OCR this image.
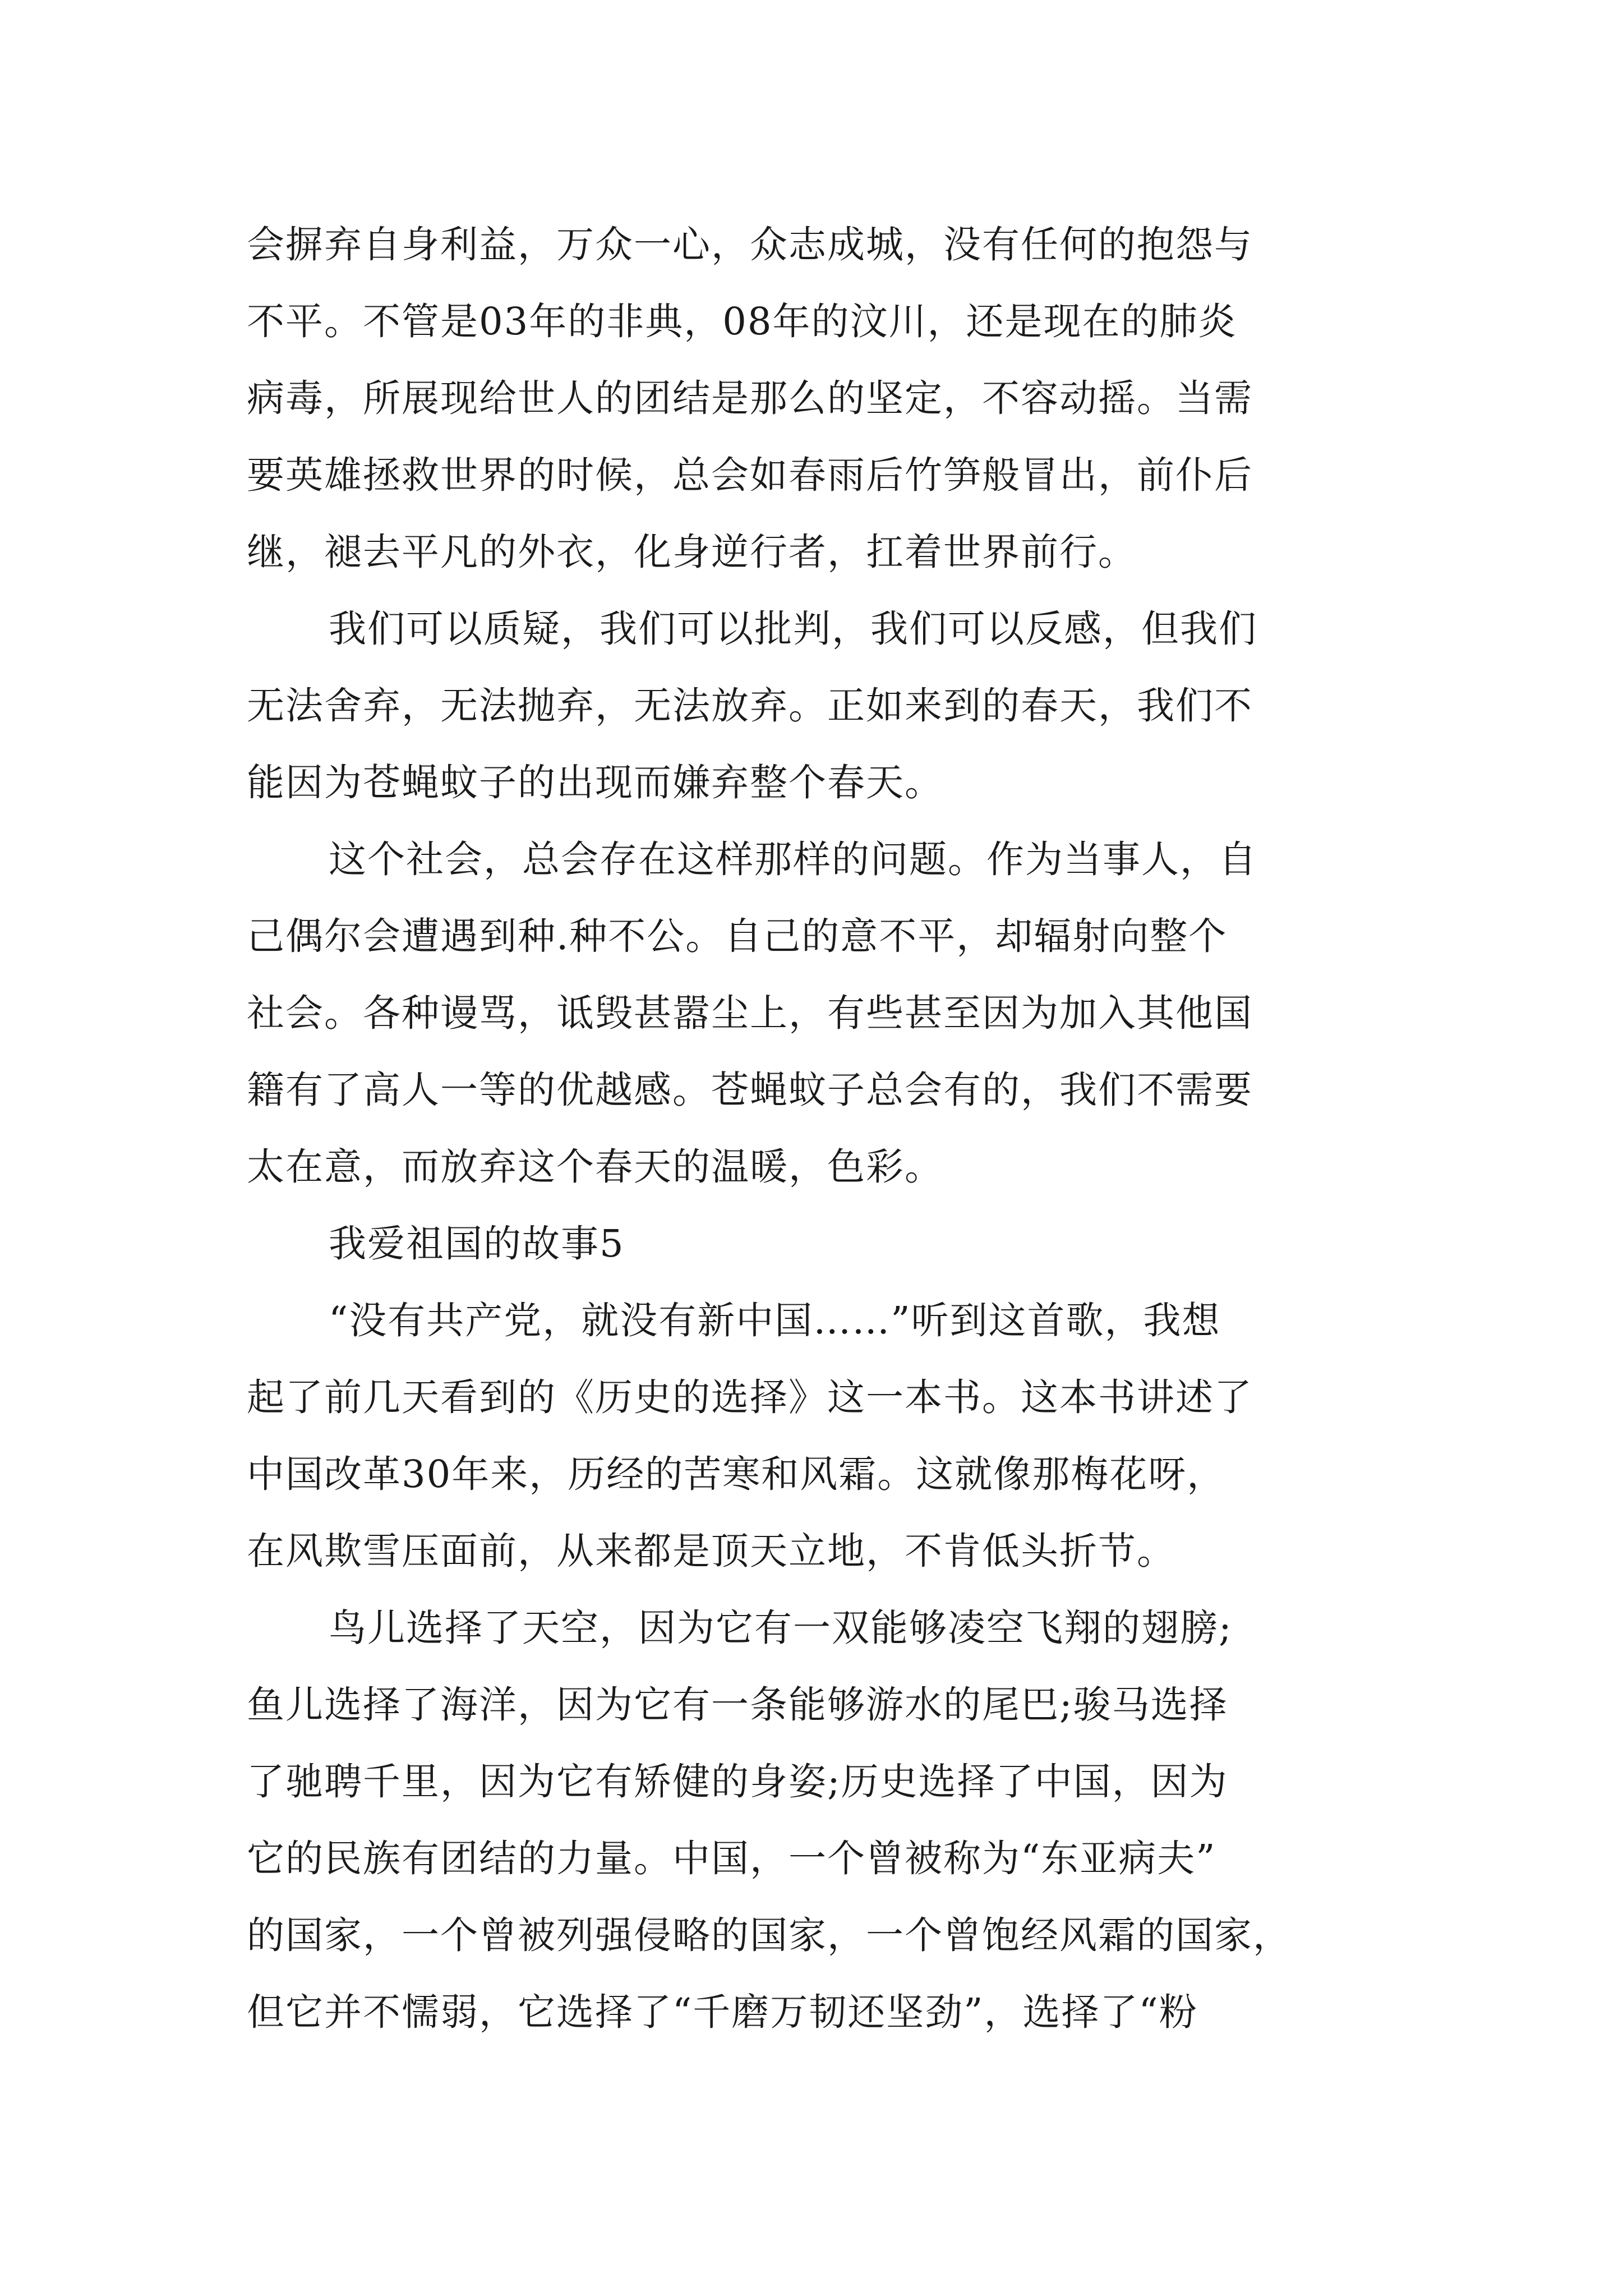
会摒弃自身利益，万众一心，众志成城，没有任何的抱怨与
不平。不管是03年的非典，08年的汶川，还是现在的肺炎
病毒，所展现给世人的团结是那么的坚定，不容动摇。当需
要英雄拯救世界的时候，总会如春雨后竹笋般冒出，前仆后
继，褪去平凡的外衣，化身逆行者，扛着世界前行。
我们可以质疑，我们可以批判，我们可以反感，但我们
无法舍弃，无法抛弃，无法放弃。正如来到的春天，我们不
能因为苍蝇蚊子的出现而嫌弃整个春天。
这个社会，总会存在这样那样的问题。作为当事人，自
己偶尔会遭遇到种.种不公。自己的意不平，却辐射向整个
社会。各种谩骂，诋毁甚嚣尘上，有些甚至因为加入其他国
籍有了高人一等的优越感。苍蝇蚊子总会有的，我们不需要
太在意，而放弃这个春天的温暖，色彩。
我爱祖国的故事5
“没有共产党，就没有新中国……”听到这首歌，我想
起了前几天看到的《历史的选择》这一本书。这本书讲述了
中国改革30年来，历经的苦寒和风霜。这就像那梅花呀，
在风欺雪压面前，从来都是顶天立地，不肯低头折节。
鸟儿选择了天空，因为它有一双能够凌空飞翔的翅膀;
鱼儿选择了海洋，因为它有一条能够游水的尾巴;骏马选择
了驰聘千里，因为它有矫健的身姿;历史选择了中国，因为
它的民族有团结的力量。中国，一个曾被称为“东亚病夫”
的国家，一个曾被列强侵略的国家，一个曾饱经风霜的国家，
但它并不懦弱，它选择了“千磨万韧还坚劲”，选择了“粉
